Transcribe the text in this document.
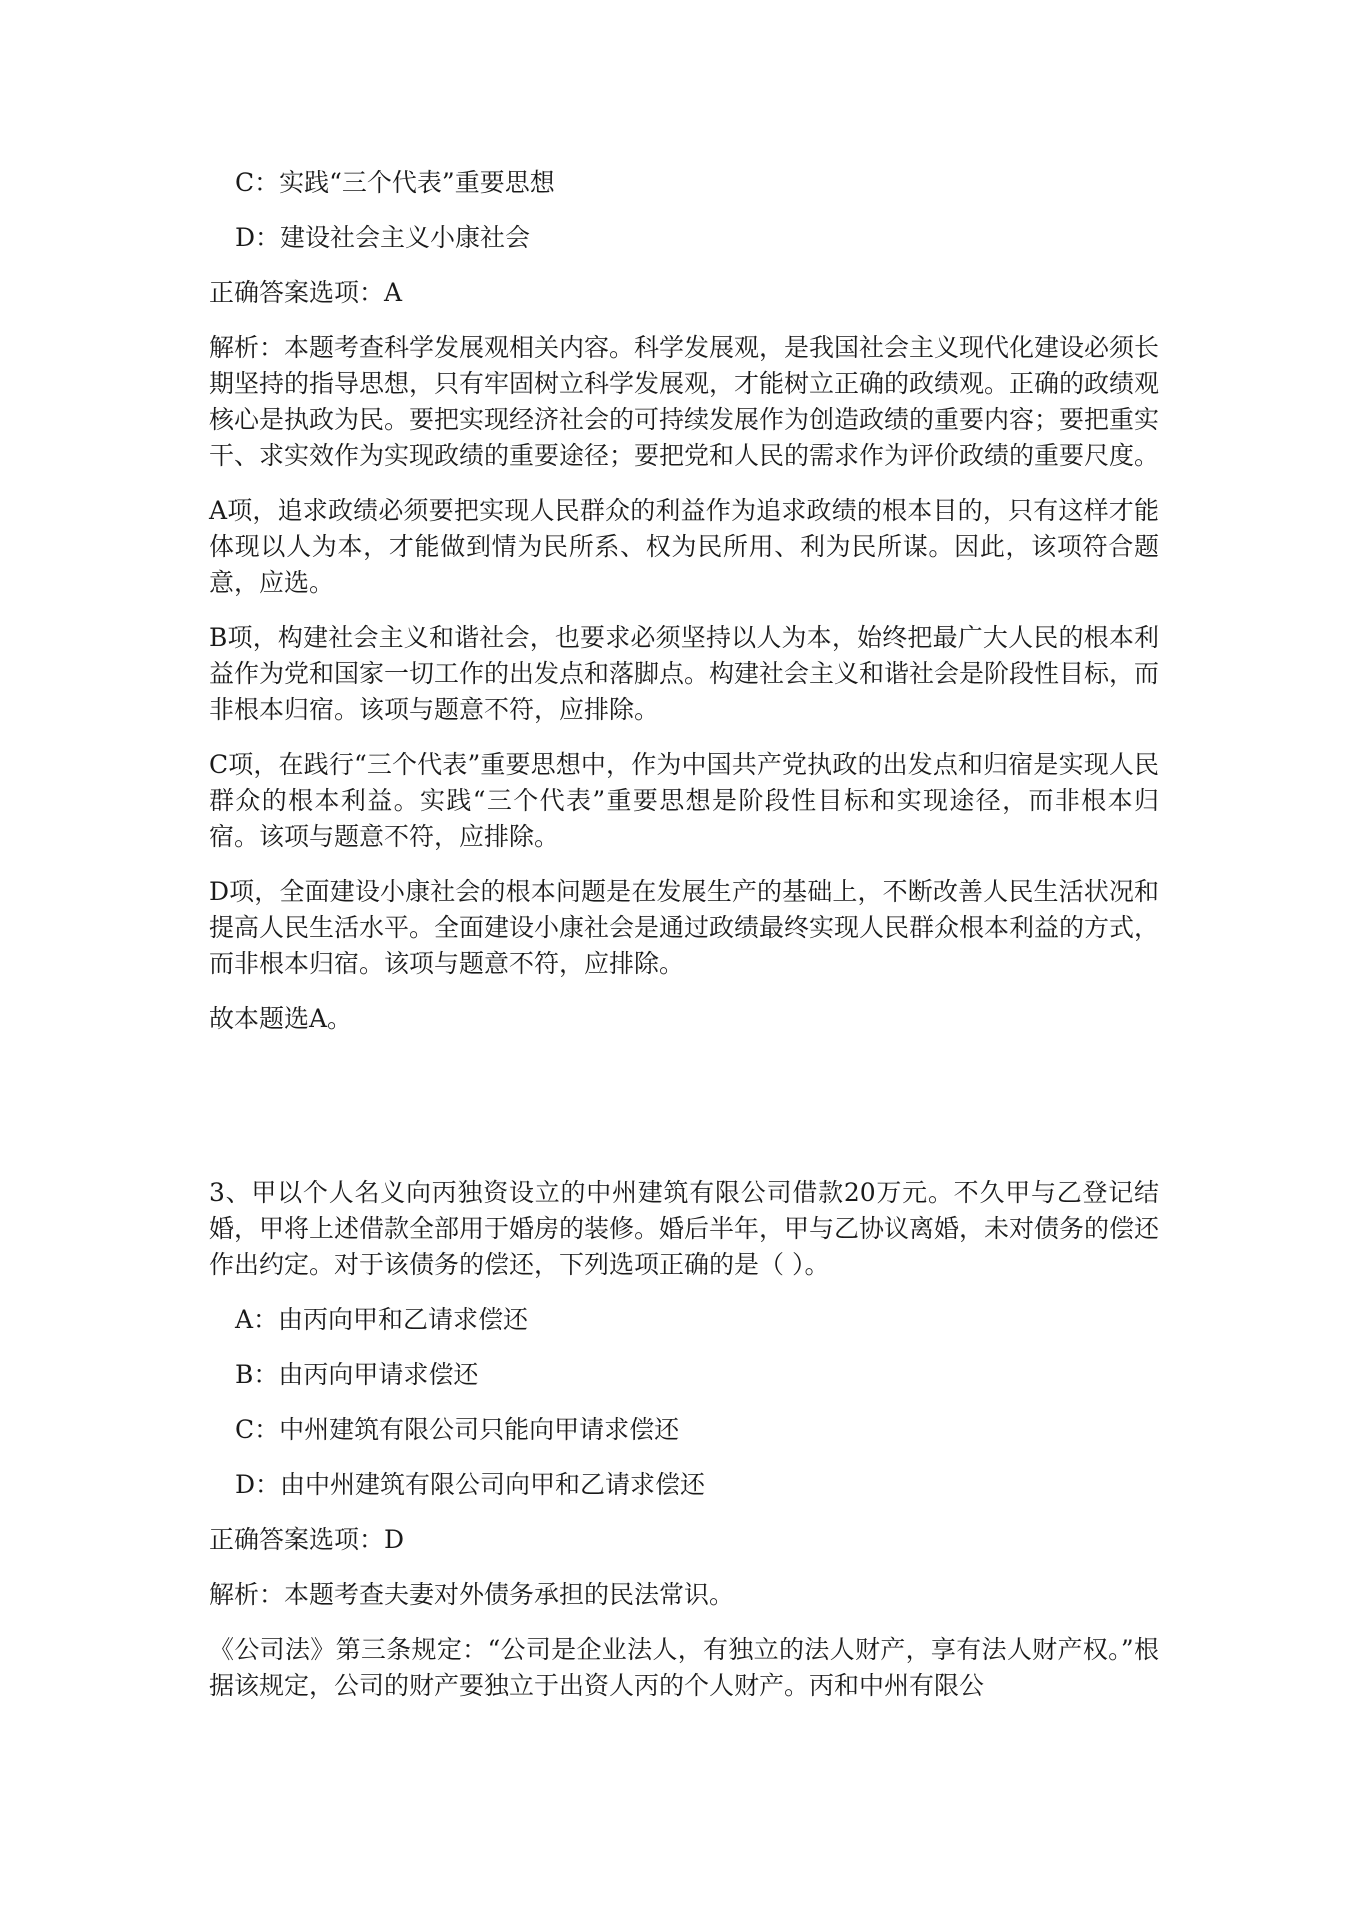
C：实践“三个代表”重要思想

D：建设社会主义小康社会

正确答案选项：A

解析：本题考查科学发展观相关内容。科学发展观，是我国社会主义现代化建设必须长期坚持的指导思想，只有牢固树立科学发展观，才能树立正确的政绩观。正确的政绩观核心是执政为民。要把实现经济社会的可持续发展作为创造政绩的重要内容；要把重实干、求实效作为实现政绩的重要途径；要把党和人民的需求作为评价政绩的重要尺度。

A项，追求政绩必须要把实现人民群众的利益作为追求政绩的根本目的，只有这样才能体现以人为本，才能做到情为民所系、权为民所用、利为民所谋。因此，该项符合题意，应选。

B项，构建社会主义和谐社会，也要求必须坚持以人为本，始终把最广大人民的根本利益作为党和国家一切工作的出发点和落脚点。构建社会主义和谐社会是阶段性目标，而非根本归宿。该项与题意不符，应排除。

C项，在践行“三个代表”重要思想中，作为中国共产党执政的出发点和归宿是实现人民群众的根本利益。实践“三个代表”重要思想是阶段性目标和实现途径，而非根本归宿。该项与题意不符，应排除。

D项，全面建设小康社会的根本问题是在发展生产的基础上，不断改善人民生活状况和提高人民生活水平。全面建设小康社会是通过政绩最终实现人民群众根本利益的方式，而非根本归宿。该项与题意不符，应排除。

故本题选A。

3、甲以个人名义向丙独资设立的中州建筑有限公司借款20万元。不久甲与乙登记结婚，甲将上述借款全部用于婚房的装修。婚后半年，甲与乙协议离婚，未对债务的偿还作出约定。对于该债务的偿还，下列选项正确的是（ ）。

A：由丙向甲和乙请求偿还

B：由丙向甲请求偿还

C：中州建筑有限公司只能向甲请求偿还

D：由中州建筑有限公司向甲和乙请求偿还

正确答案选项：D

解析：本题考查夫妻对外债务承担的民法常识。

《公司法》第三条规定：“公司是企业法人，有独立的法人财产，享有法人财产权。”根据该规定，公司的财产要独立于出资人丙的个人财产。丙和中州有限公
